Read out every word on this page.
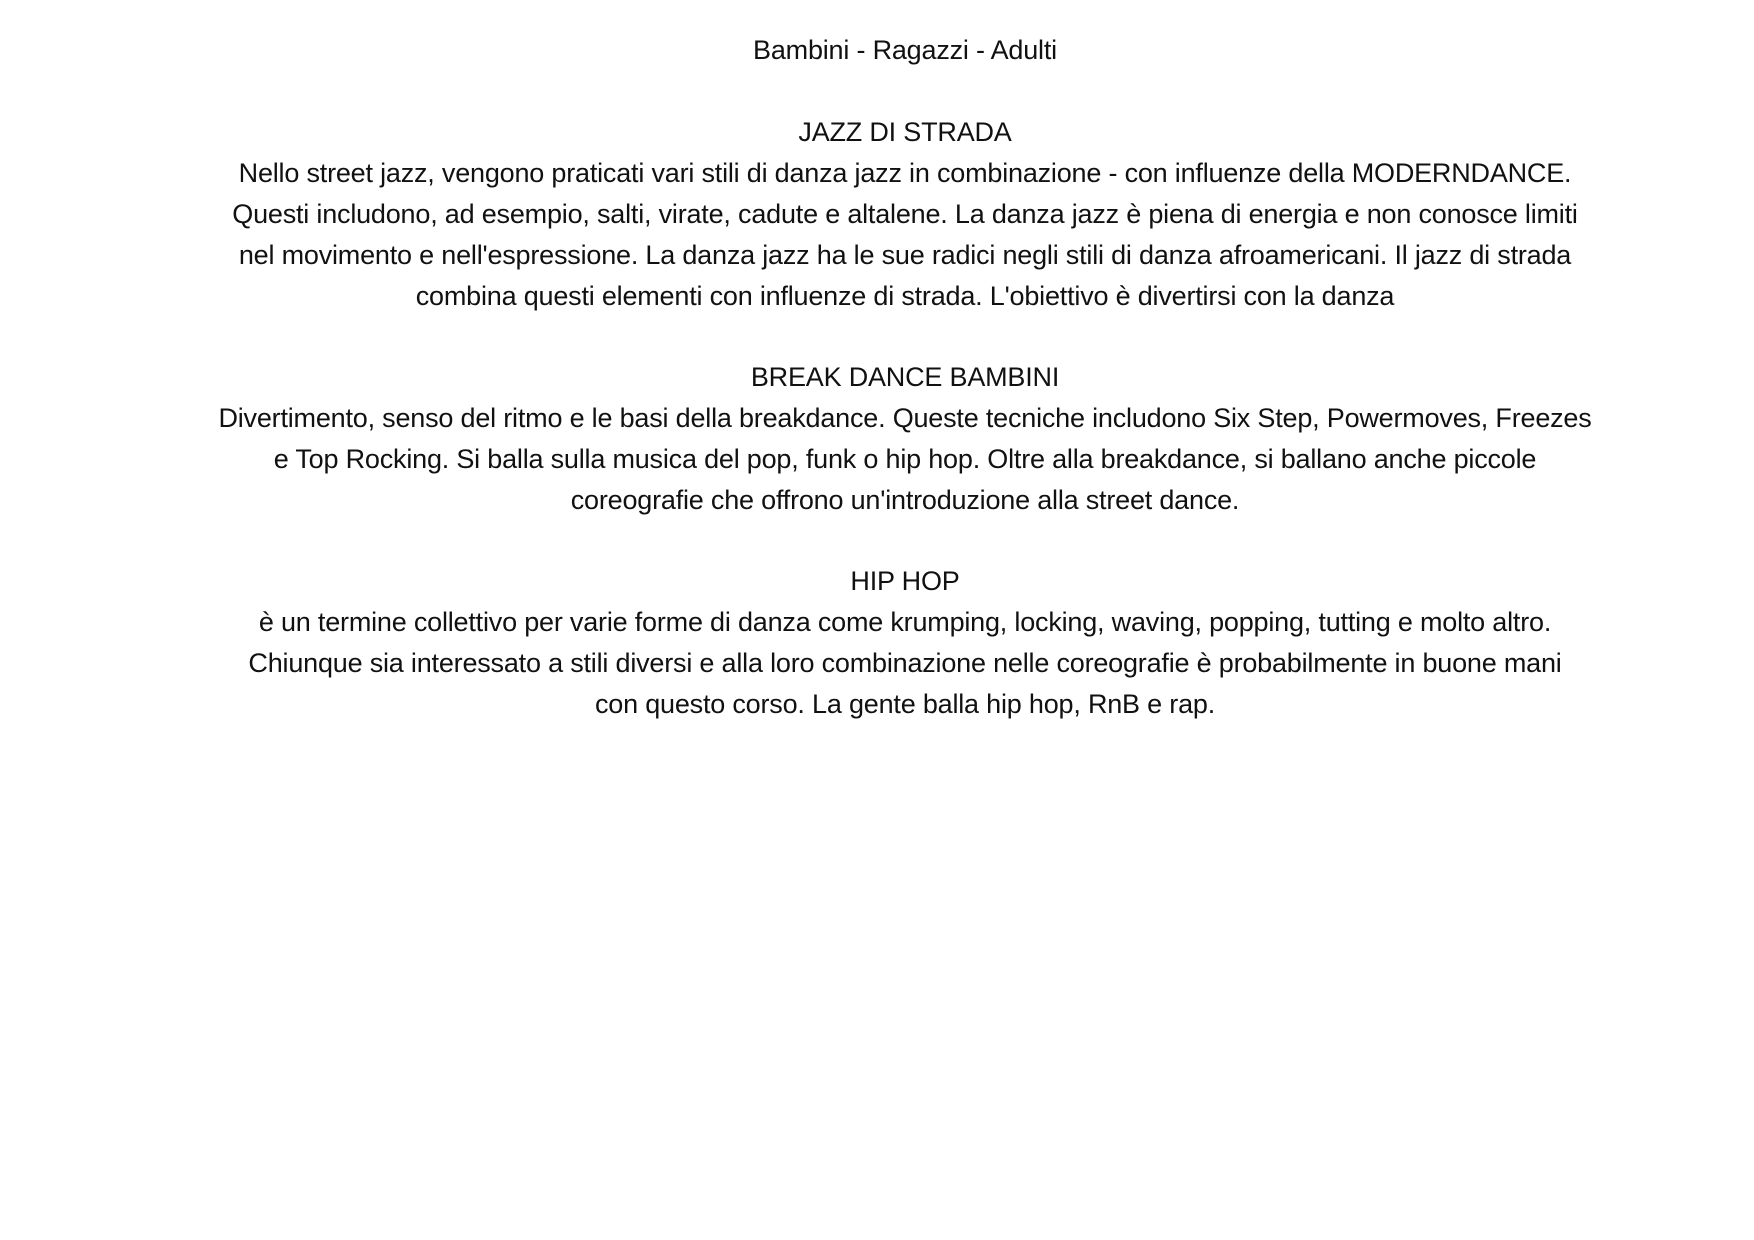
Bambini - Ragazzi - Adulti
JAZZ DI STRADA
Nello street jazz, vengono praticati vari stili di danza jazz in combinazione - con influenze della MODERNDANCE.
Questi includono, ad esempio, salti, virate, cadute e altalene. La danza jazz è piena di energia e non conosce limiti
nel movimento e nell'espressione. La danza jazz ha le sue radici negli stili di danza afroamericani. Il jazz di strada
combina questi elementi con influenze di strada. L'obiettivo è divertirsi con la danza
BREAK DANCE BAMBINI
Divertimento, senso del ritmo e le basi della breakdance. Queste tecniche includono Six Step, Powermoves, Freezes
e Top Rocking. Si balla sulla musica del pop, funk o hip hop. Oltre alla breakdance, si ballano anche piccole
coreografie che offrono un'introduzione alla street dance.
HIP HOP
è un termine collettivo per varie forme di danza come krumping, locking, waving, popping, tutting e molto altro.
Chiunque sia interessato a stili diversi e alla loro combinazione nelle coreografie è probabilmente in buone mani
con questo corso. La gente balla hip hop, RnB e rap.
